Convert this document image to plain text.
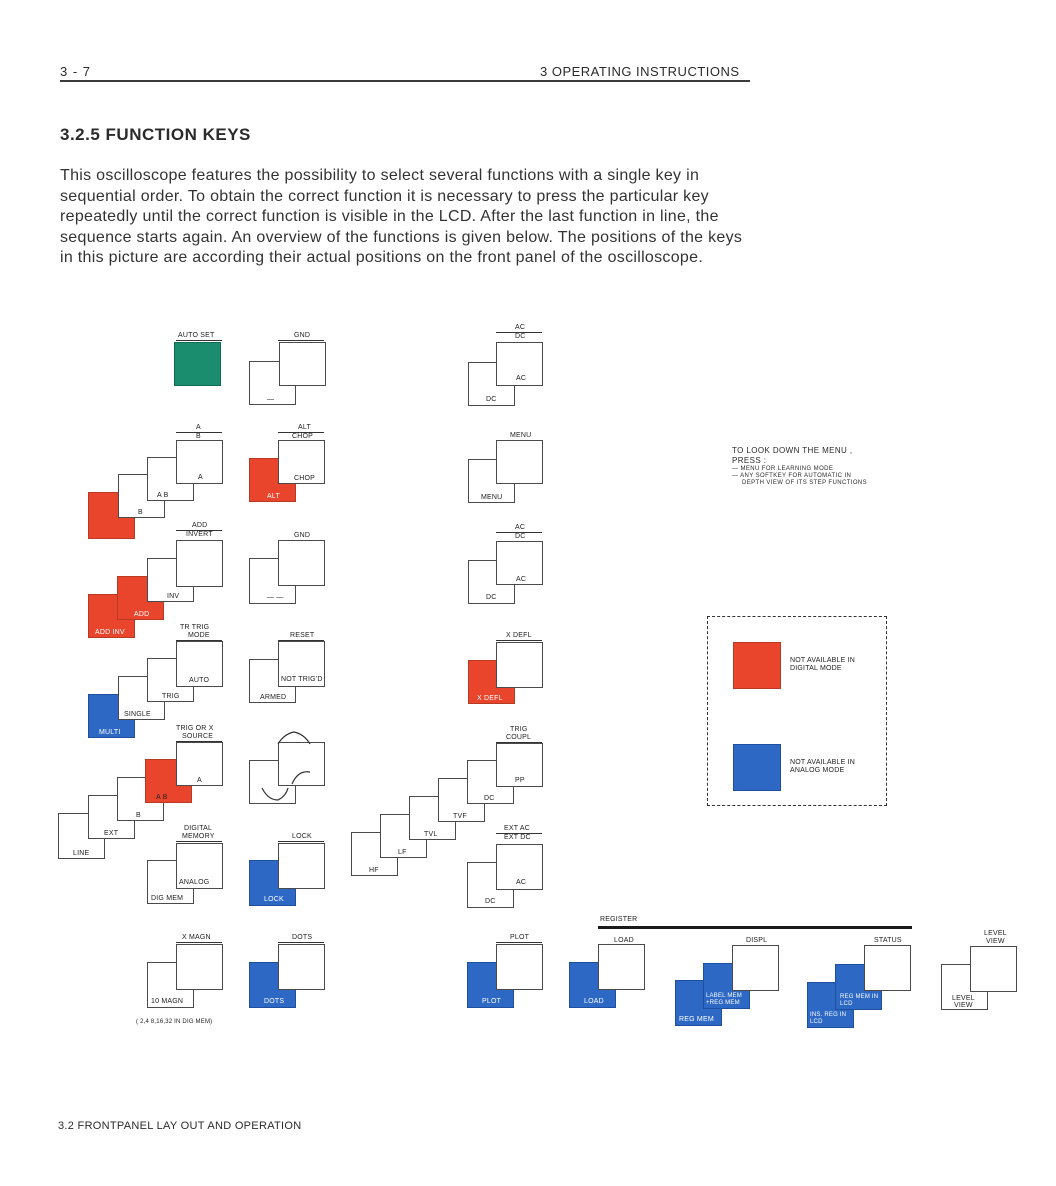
3 - 7	3 OPERATING INSTRUCTIONS
3.2.5 FUNCTION KEYS
This oscilloscope features the possibility to select several functions with a single key in sequential order. To obtain the correct function it is necessary to press the particular key repeatedly until the correct function is visible in the LCD. After the last function in line, the sequence starts again. An overview of the functions is given below. The positions of the keys in this picture are according their actual positions on the front panel of the oscilloscope.
AUTO SET	GND
—
AC
DC
DC
AC
A
B
B
A B
A
ALT
CHOP
ALT
CHOP
MENU
MENU
ADD
INVERT
ADD INV
ADD
INV
GND
— —
AC
DC
DC
AC
TR TRIG
MODE
MULTI
SINGLE
TRIG
AUTO
RESET
ARMED
NOT TRIG'D
X DEFL
X DEFL
TRIG OR X
SOURCE
LINE
EXT
B
A B
A
TRIG
COUPL
HF
LF
TVL
TVF
DC
PP
DIGITAL
MEMORY
DIG MEM
ANALOG
LOCK
LOCK
EXT AC
EXT DC
DC
AC
X MAGN
10 MAGN
( 2,4 8,16,32 IN DIG MEM)
DOTS
DOTS
PLOT
PLOT
REGISTER
LOAD
LOAD
DISPL
REG MEM
LABEL MEM +REG MEM
STATUS
INS. REG IN LCD
REG MEM IN LCD
LEVEL
VIEW
LEVEL
VIEW
TO LOOK DOWN THE MENU ,
PRESS :
— MENU FOR LEARNING MODE
— ANY SOFTKEY FOR AUTOMATIC IN
DEPTH VIEW OF ITS STEP FUNCTIONS
NOT AVAILABLE IN DIGITAL MODE
NOT AVAILABLE IN ANALOG MODE
3.2 FRONTPANEL LAY OUT AND OPERATION
